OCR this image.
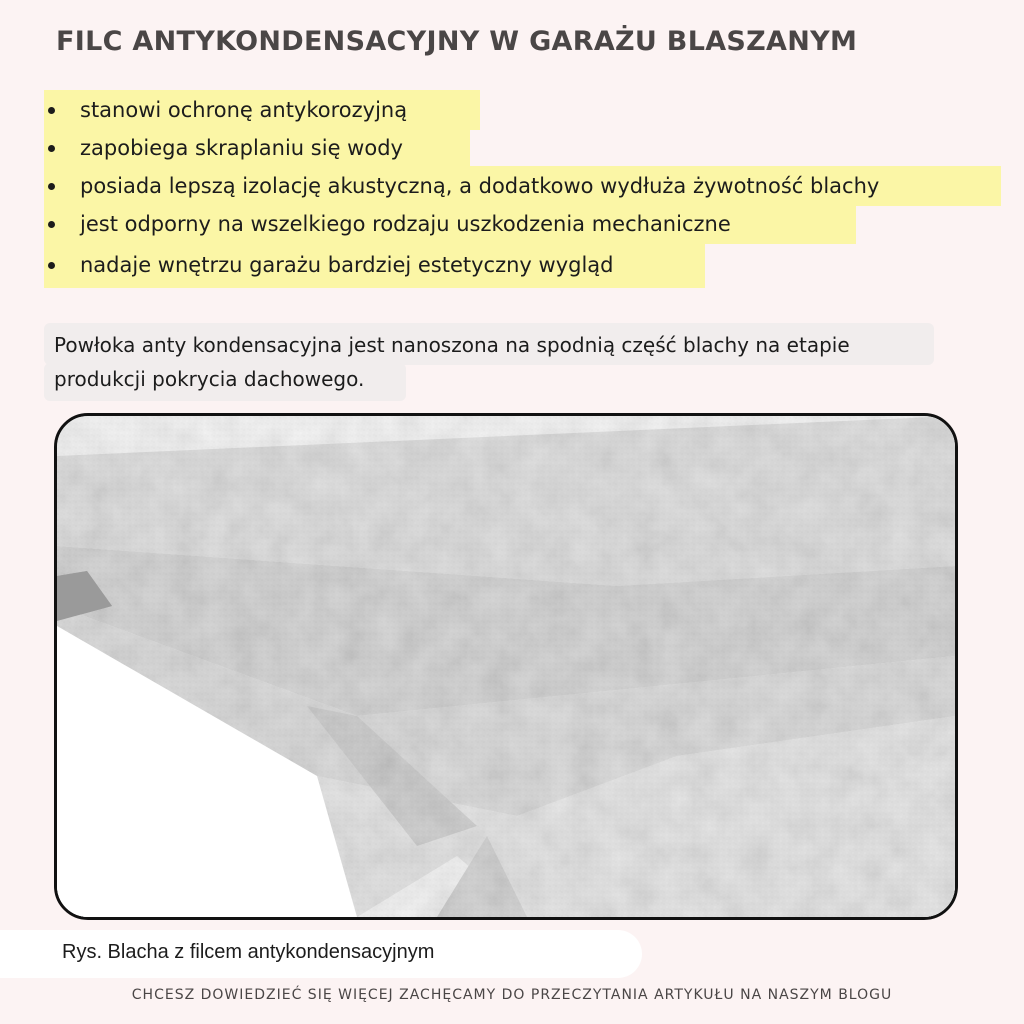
FILC ANTYKONDENSACYJNY W GARAŻU BLASZANYM
stanowi ochronę antykorozyjną
zapobiega skraplaniu się wody
posiada lepszą izolację akustyczną, a dodatkowo wydłuża żywotność blachy
jest odporny na wszelkiego rodzaju uszkodzenia mechaniczne
nadaje wnętrzu garażu bardziej estetyczny wygląd
Powłoka anty kondensacyjna jest nanoszona na spodnią część blachy na etapie produkcji pokrycia dachowego.
Rys. Blacha z filcem antykondensacyjnym
CHCESZ DOWIEDZIEĆ SIĘ WIĘCEJ ZACHĘCAMY DO PRZECZYTANIA ARTYKUŁU NA NASZYM BLOGU
